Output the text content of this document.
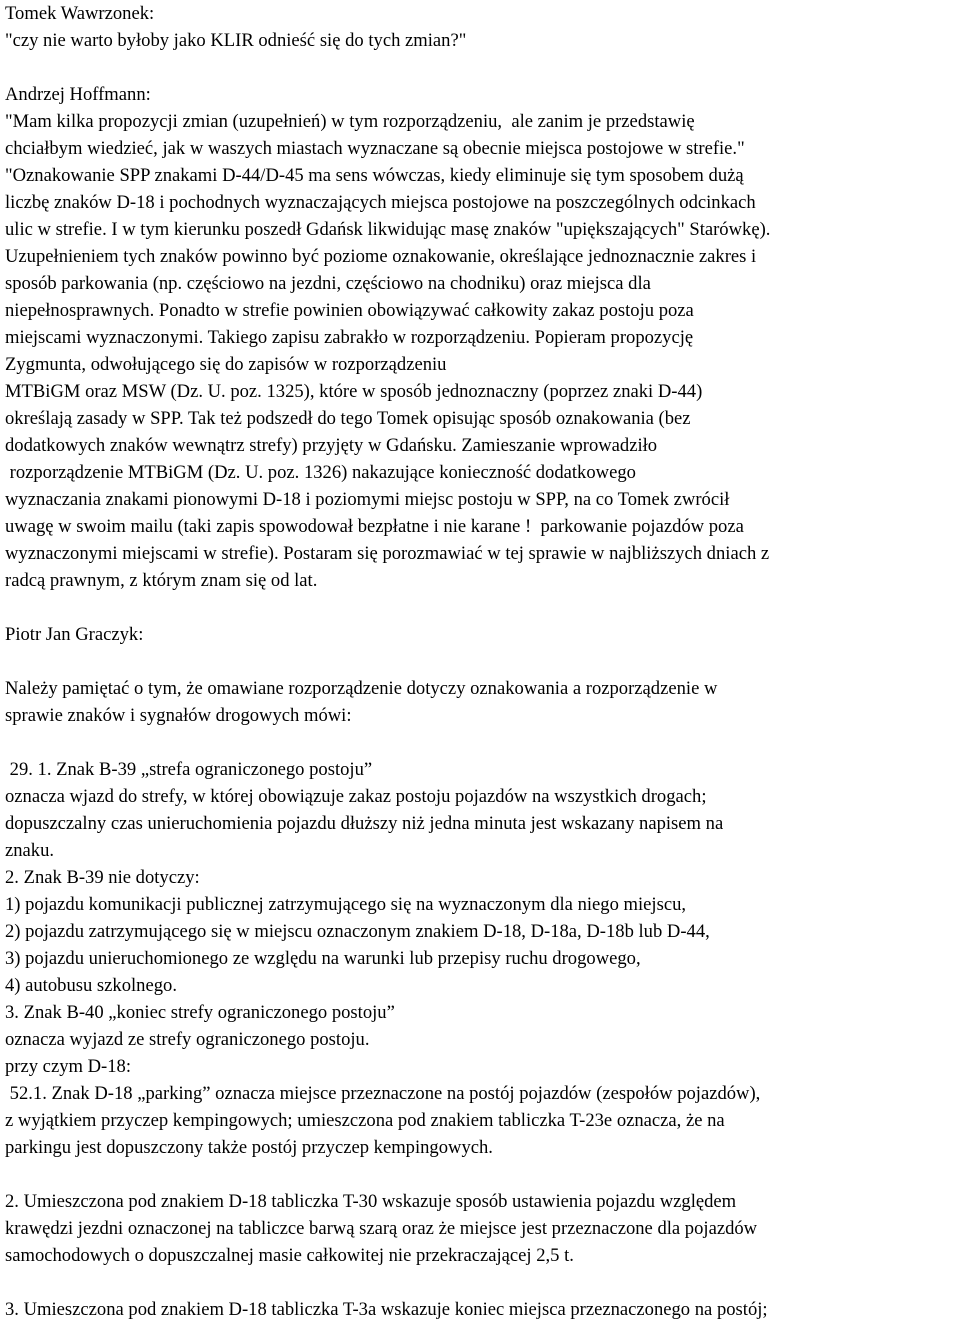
Tomek Wawrzonek:
"czy nie warto byłoby jako KLIR odnieść się do tych zmian?"
Andrzej Hoffmann:
"Mam kilka propozycji zmian (uzupełnień) w tym rozporządzeniu,  ale zanim je przedstawię
chciałbym wiedzieć, jak w waszych miastach wyznaczane są obecnie miejsca postojowe w strefie."
"Oznakowanie SPP znakami D-44/D-45 ma sens wówczas, kiedy eliminuje się tym sposobem dużą
liczbę znaków D-18 i pochodnych wyznaczających miejsca postojowe na poszczególnych odcinkach
ulic w strefie. I w tym kierunku poszedł Gdańsk likwidując masę znaków "upiększających" Starówkę).
Uzupełnieniem tych znaków powinno być poziome oznakowanie, określające jednoznacznie zakres i
sposób parkowania (np. częściowo na jezdni, częściowo na chodniku) oraz miejsca dla
niepełnosprawnych. Ponadto w strefie powinien obowiązywać całkowity zakaz postoju poza
miejscami wyznaczonymi. Takiego zapisu zabrakło w rozporządzeniu. Popieram propozycję
Zygmunta, odwołującego się do zapisów w rozporządzeniu
MTBiGM oraz MSW (Dz. U. poz. 1325), które w sposób jednoznaczny (poprzez znaki D-44)
określają zasady w SPP. Tak też podszedł do tego Tomek opisując sposób oznakowania (bez
dodatkowych znaków wewnątrz strefy) przyjęty w Gdańsku. Zamieszanie wprowadziło
rozporządzenie MTBiGM (Dz. U. poz. 1326) nakazujące konieczność dodatkowego
wyznaczania znakami pionowymi D-18 i poziomymi miejsc postoju w SPP, na co Tomek zwrócił
uwagę w swoim mailu (taki zapis spowodował bezpłatne i nie karane !  parkowanie pojazdów poza
wyznaczonymi miejscami w strefie). Postaram się porozmawiać w tej sprawie w najbliższych dniach z
radcą prawnym, z którym znam się od lat.
Piotr Jan Graczyk:
Należy pamiętać o tym, że omawiane rozporządzenie dotyczy oznakowania a rozporządzenie w
sprawie znaków i sygnałów drogowych mówi:
29. 1. Znak B-39 „strefa ograniczonego postoju”
oznacza wjazd do strefy, w której obowiązuje zakaz postoju pojazdów na wszystkich drogach;
dopuszczalny czas unieruchomienia pojazdu dłuższy niż jedna minuta jest wskazany napisem na
znaku.
2. Znak B-39 nie dotyczy:
1) pojazdu komunikacji publicznej zatrzymującego się na wyznaczonym dla niego miejscu,
2) pojazdu zatrzymującego się w miejscu oznaczonym znakiem D-18, D-18a, D-18b lub D-44,
3) pojazdu unieruchomionego ze względu na warunki lub przepisy ruchu drogowego,
4) autobusu szkolnego.
3. Znak B-40 „koniec strefy ograniczonego postoju”
oznacza wyjazd ze strefy ograniczonego postoju.
przy czym D-18:
52.1. Znak D-18 „parking” oznacza miejsce przeznaczone na postój pojazdów (zespołów pojazdów),
z wyjątkiem przyczep kempingowych; umieszczona pod znakiem tabliczka T-23e oznacza, że na
parkingu jest dopuszczony także postój przyczep kempingowych.
2. Umieszczona pod znakiem D-18 tabliczka T-30 wskazuje sposób ustawienia pojazdu względem
krawędzi jezdni oznaczonej na tabliczce barwą szarą oraz że miejsce jest przeznaczone dla pojazdów
samochodowych o dopuszczalnej masie całkowitej nie przekraczającej 2,5 t.
3. Umieszczona pod znakiem D-18 tabliczka T-3a wskazuje koniec miejsca przeznaczonego na postój;
